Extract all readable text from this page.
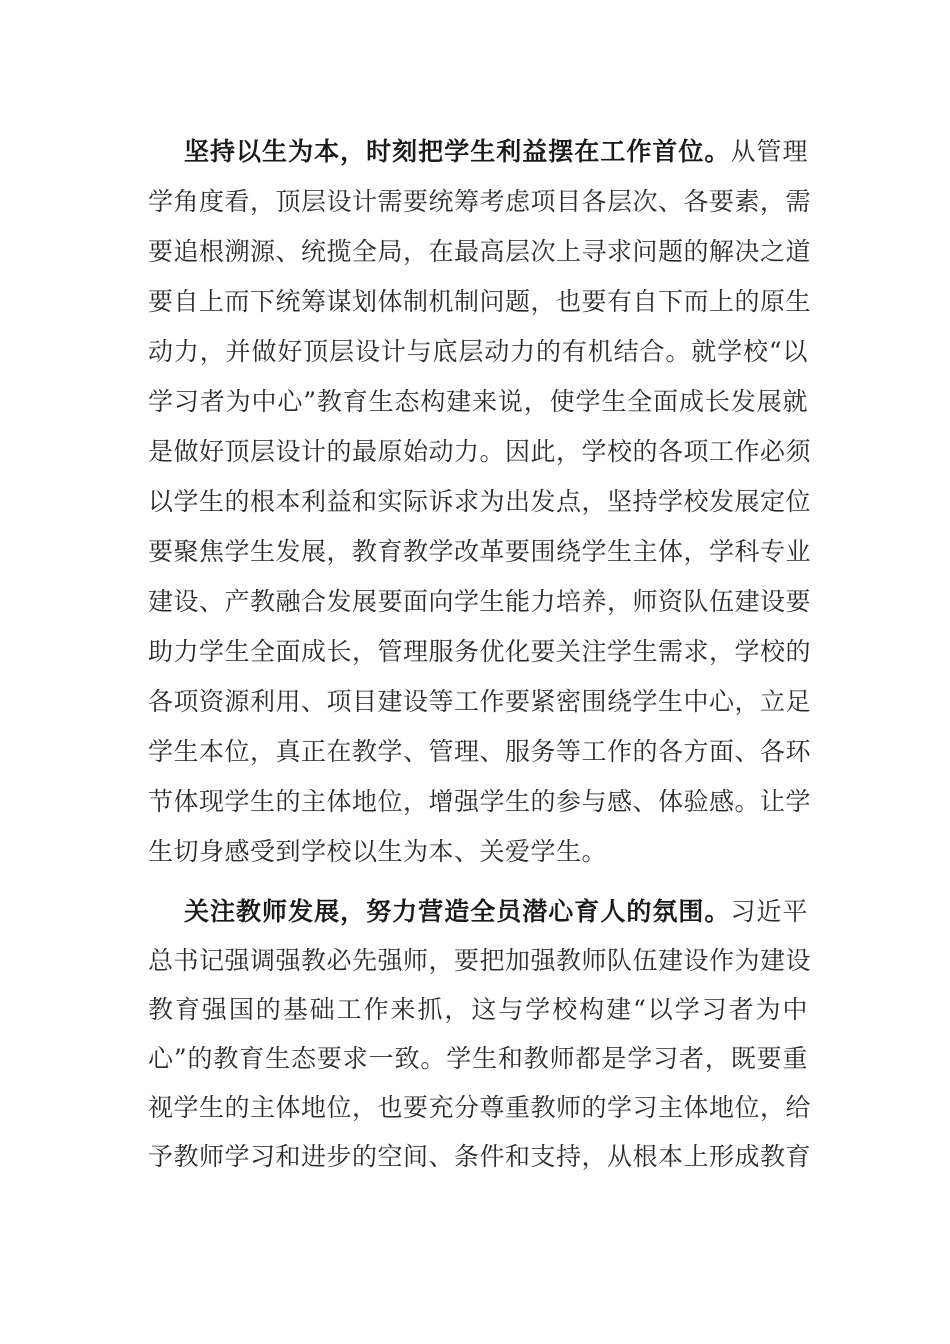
坚持以生为本，时刻把学生利益摆在工作首位。从管理
学角度看，顶层设计需要统筹考虑项目各层次、各要素，需
要追根溯源、统揽全局，在最高层次上寻求问题的解决之道
要自上而下统筹谋划体制机制问题，也要有自下而上的原生
动力，并做好顶层设计与底层动力的有机结合。就学校“以
学习者为中心”教育生态构建来说，使学生全面成长发展就
是做好顶层设计的最原始动力。因此，学校的各项工作必须
以学生的根本利益和实际诉求为出发点，坚持学校发展定位
要聚焦学生发展，教育教学改革要围绕学生主体，学科专业
建设、产教融合发展要面向学生能力培养，师资队伍建设要
助力学生全面成长，管理服务优化要关注学生需求，学校的
各项资源利用、项目建设等工作要紧密围绕学生中心，立足
学生本位，真正在教学、管理、服务等工作的各方面、各环
节体现学生的主体地位，增强学生的参与感、体验感。让学
生切身感受到学校以生为本、关爱学生。
关注教师发展，努力营造全员潜心育人的氛围。习近平
总书记强调强教必先强师，要把加强教师队伍建设作为建设
教育强国的基础工作来抓，这与学校构建“以学习者为中
心”的教育生态要求一致。学生和教师都是学习者，既要重
视学生的主体地位，也要充分尊重教师的学习主体地位，给
予教师学习和进步的空间、条件和支持，从根本上形成教育
